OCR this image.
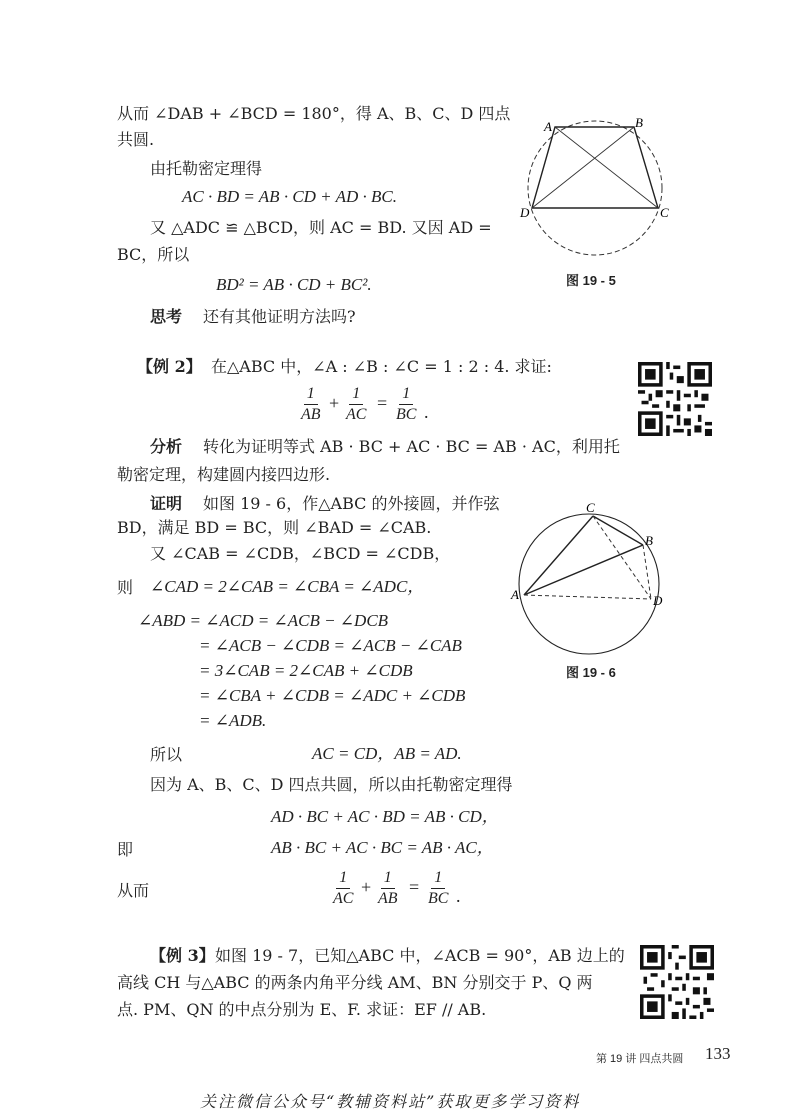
从而 ∠DAB + ∠BCD = 180°，得 A、B、C、D 四点
共圆.
由托勒密定理得
AC · BD = AB · CD + AD · BC.
又 △ADC ≌ △BCD，则 AC = BD. 又因 AD =
BC，所以
BD² = AB · CD + BC².
思考 还有其他证明方法吗?
A	B
C
D
图 19 - 5
【例 2】 在△ABC 中，∠A : ∠B : ∠C = 1 : 2 : 4. 求证:
$\frac{1}{AB} + \frac{1}{AC} = \frac{1}{BC}$ .
分析 转化为证明等式 AB · BC + AC · BC = AB · AC，利用托
勒密定理，构建圆内接四边形.
证明 如图 19 - 6，作△ABC 的外接圆，并作弦
BD，满足 BD = BC，则 ∠BAD = ∠CAB.
又 ∠CAB = ∠CDB，∠BCD = ∠CDB，
则 ∠CAD = 2∠CAB = ∠CBA = ∠ADC，
∠ABD = ∠ACD = ∠ACB − ∠DCB
= ∠ACB − ∠CDB = ∠ACB − ∠CAB
= 3∠CAB = 2∠CAB + ∠CDB
= ∠CBA + ∠CDB = ∠ADC + ∠CDB
= ∠ADB.
所以	AC = CD，AB = AD.
因为 A、B、C、D 四点共圆，所以由托勒密定理得
AD · BC + AC · BD = AB · CD，
即	AB · BC + AC · BC = AB · AC，
从而	$\frac{1}{AC} + \frac{1}{AB} = \frac{1}{BC}$ .
C
B
A	D
图 19 - 6
【例 3】 如图 19 - 7，已知△ABC 中，∠ACB = 90°，AB 边上的
高线 CH 与△ABC 的两条内角平分线 AM、BN 分别交于 P、Q 两
点. PM、QN 的中点分别为 E、F. 求证：EF // AB.
第 19 讲 四点共圆 133
关注微信公众号“教辅资料站”获取更多学习资料
